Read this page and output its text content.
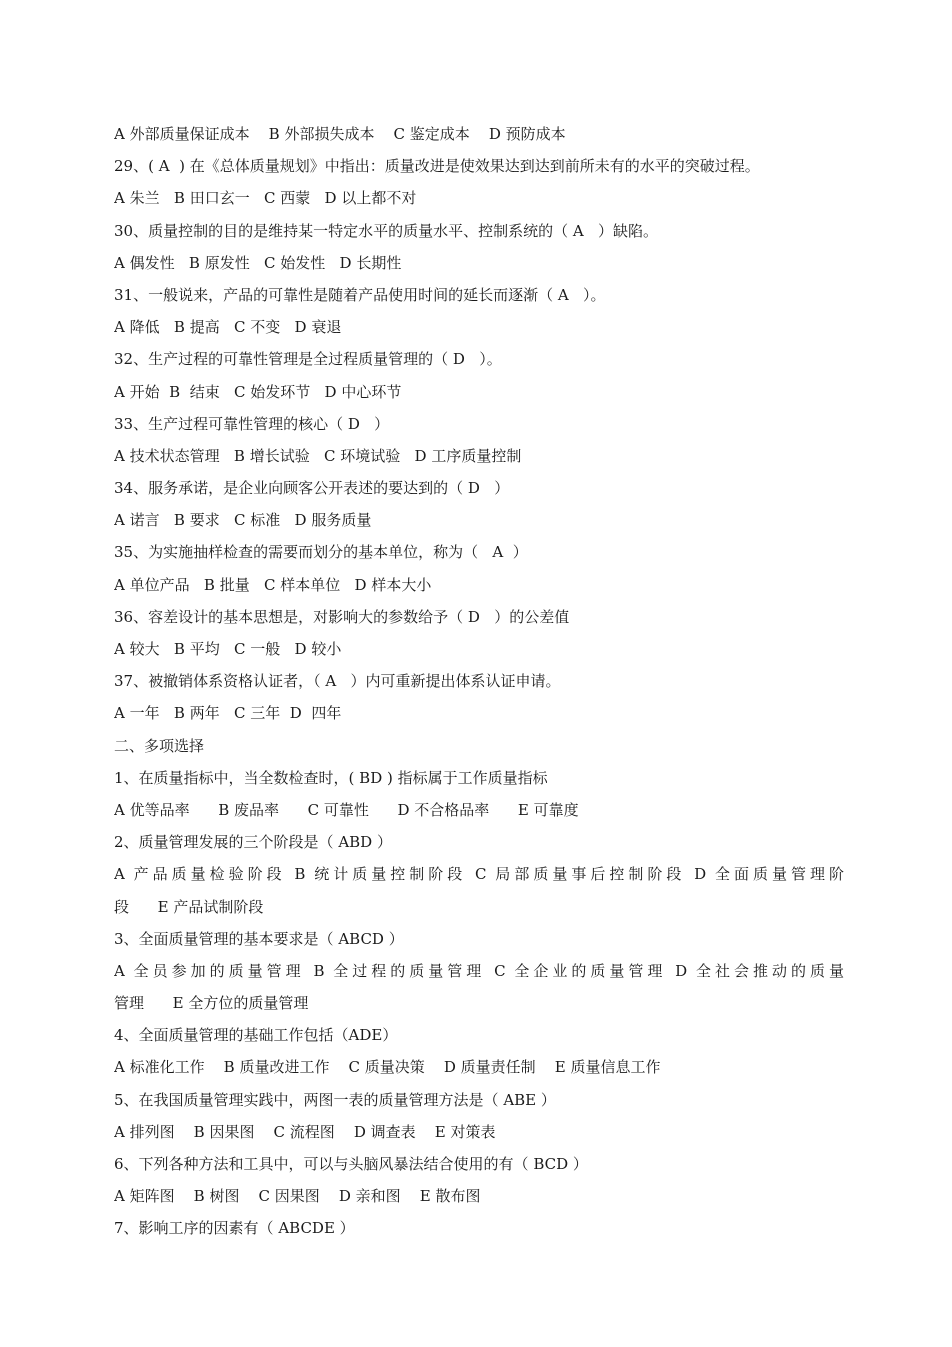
A 外部质量保证成本    B 外部损失成本    C 鉴定成本    D 预防成本
29、( A  ) 在《总体质量规划》中指出：质量改进是使效果达到达到前所未有的水平的突破过程。
A 朱兰   B 田口玄一   C 西蒙   D 以上都不对
30、质量控制的目的是维持某一特定水平的质量水平、控制系统的（ A   ）缺陷。
A 偶发性   B 原发性   C 始发性   D 长期性
31、一般说来，产品的可靠性是随着产品使用时间的延长而逐渐（ A   ）。
A 降低   B 提高   C 不变   D 衰退
32、生产过程的可靠性管理是全过程质量管理的（ D   ）。
A 开始  B  结束   C 始发环节   D 中心环节
33、生产过程可靠性管理的核心（ D   ）
A 技术状态管理   B 增长试验   C 环境试验   D 工序质量控制
34、服务承诺，是企业向顾客公开表述的要达到的（ D   ）
A 诺言   B 要求   C 标准   D 服务质量
35、为实施抽样检查的需要而划分的基本单位，称为（   A  ）
A 单位产品   B 批量   C 样本单位   D 样本大小
36、容差设计的基本思想是，对影响大的参数给予（ D   ）的公差值
A 较大   B 平均   C 一般   D 较小
37、被撤销体系资格认证者，（ A   ）内可重新提出体系认证申请。
A 一年   B 两年   C 三年  D  四年
二、多项选择
1、在质量指标中，当全数检查时，( BD ) 指标属于工作质量指标
A 优等品率      B 废品率      C 可靠性      D 不合格品率      E 可靠度
2、质量管理发展的三个阶段是（ ABD ）
A 产品质量检验阶段 B 统计质量控制阶段 C 局部质量事后控制阶段 D 全面质量管理阶
段      E 产品试制阶段
3、全面质量管理的基本要求是（ ABCD ）
A 全员参加的质量管理 B 全过程的质量管理 C 全企业的质量管理 D 全社会推动的质量
管理      E 全方位的质量管理
4、全面质量管理的基础工作包括（ADE）
A 标准化工作    B 质量改进工作    C 质量决策    D 质量责任制    E 质量信息工作
5、在我国质量管理实践中，两图一表的质量管理方法是（ ABE ）
A 排列图    B 因果图    C 流程图    D 调查表    E 对策表
6、下列各种方法和工具中，可以与头脑风暴法结合使用的有（ BCD ）
A 矩阵图    B 树图    C 因果图    D 亲和图    E 散布图
7、影响工序的因素有（ ABCDE ）
